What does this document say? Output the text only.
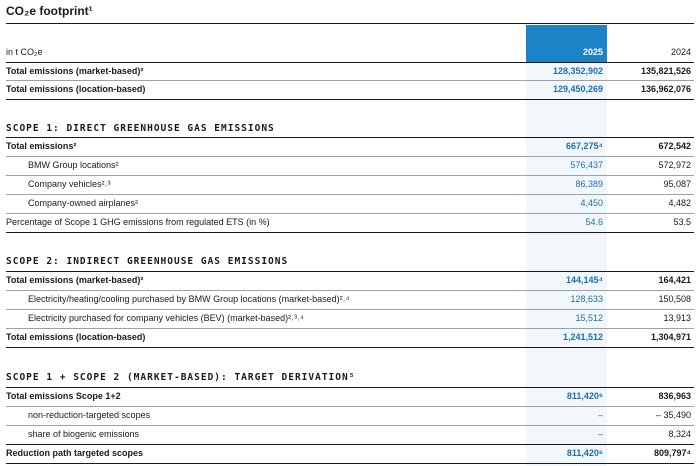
CO₂e footprint¹
in t CO₂e	2025	2024
Total emissions (market-based)²	128,352,902	135,821,526
Total emissions (location-based)	129,450,269	136,962,076
SCOPE 1: DIRECT GREENHOUSE GAS EMISSIONS
Total emissions²	667,275⁴	672,542
BMW Group locations²	576,437	572,972
Company vehicles²˒³	86,389	95,087
Company-owned airplanes²	4,450	4,482
Percentage of Scope 1 GHG emissions from regulated ETS (in %)	54.6	53.5
SCOPE 2: INDIRECT GREENHOUSE GAS EMISSIONS
Total emissions (market-based)²	144,145⁴	164,421
Electricity/heating/cooling purchased by BMW Group locations (market-based)²˒⁴	128,633	150,508
Electricity purchased for company vehicles (BEV) (market-based)²˒³˒⁴	15,512	13,913
Total emissions (location-based)	1,241,512	1,304,971
SCOPE 1 + SCOPE 2 (MARKET-BASED): TARGET DERIVATION⁵
Total emissions Scope 1+2	811,420⁶	836,963
non-reduction-targeted scopes	–	– 35,490
share of biogenic emissions	–	8,324
Reduction path targeted scopes	811,420⁶	809,797⁴
